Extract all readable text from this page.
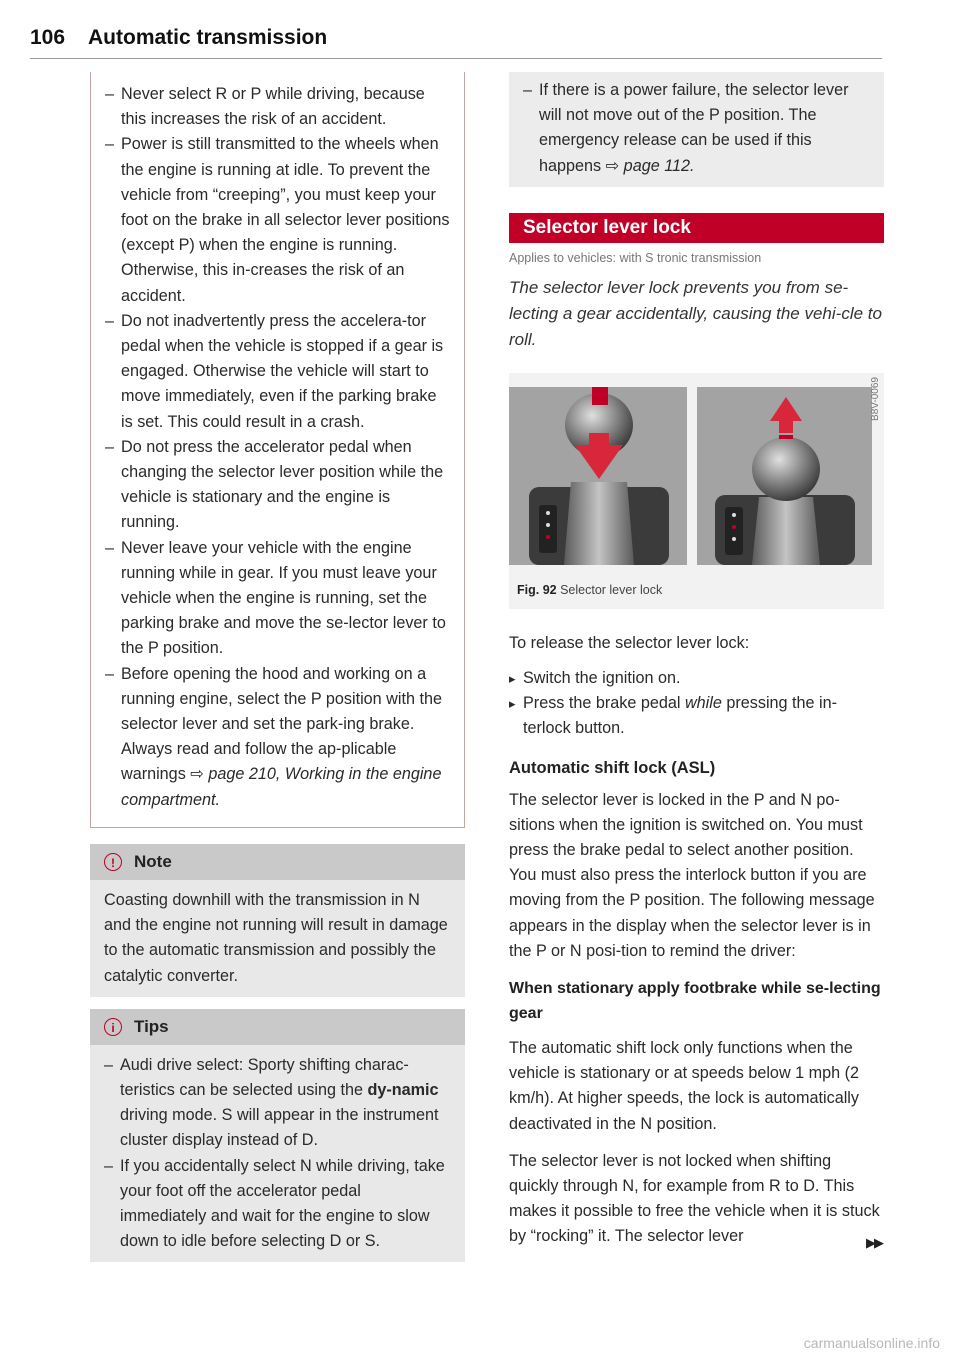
106 Automatic transmission
– Never select R or P while driving, because this increases the risk of an accident.
– Power is still transmitted to the wheels when the engine is running at idle. To prevent the vehicle from “creeping”, you must keep your foot on the brake in all selector lever positions (except P) when the engine is running. Otherwise, this in-creases the risk of an accident.
– Do not inadvertently press the accelera-tor pedal when the vehicle is stopped if a gear is engaged. Otherwise the vehicle will start to move immediately, even if the parking brake is set. This could result in a crash.
– Do not press the accelerator pedal when changing the selector lever position while the vehicle is stationary and the engine is running.
– Never leave your vehicle with the engine running while in gear. If you must leave your vehicle when the engine is running, set the parking brake and move the se-lector lever to the P position.
– Before opening the hood and working on a running engine, select the P position with the selector lever and set the park-ing brake. Always read and follow the ap-plicable warnings ⇨ page 210, Working in the engine compartment.
!	Note
Coasting downhill with the transmission in N and the engine not running will result in damage to the automatic transmission and possibly the catalytic converter.
i	Tips
– Audi drive select: Sporty shifting charac-teristics can be selected using the dy-namic driving mode. S will appear in the instrument cluster display instead of D.
– If you accidentally select N while driving, take your foot off the accelerator pedal immediately and wait for the engine to slow down to idle before selecting D or S.
– If there is a power failure, the selector lever will not move out of the P position. The emergency release can be used if this happens ⇨ page 112.
Selector lever lock
Applies to vehicles: with S tronic transmission
The selector lever lock prevents you from se-lecting a gear accidentally, causing the vehi-cle to roll.
B8V-0069
Fig. 92 Selector lever lock

To release the selector lever lock:

▸ Switch the ignition on.
▸ Press the brake pedal while pressing the in-terlock button.
Automatic shift lock (ASL)

The selector lever is locked in the P and N po-sitions when the ignition is switched on. You must press the brake pedal to select another position. You must also press the interlock button if you are moving from the P position. The following message appears in the display when the selector lever is in the P or N posi-tion to remind the driver:

When stationary apply footbrake while se-lecting gear

The automatic shift lock only functions when the vehicle is stationary or at speeds below 1 mph (2 km/h). At higher speeds, the lock is automatically deactivated in the N position.

The selector lever is not locked when shifting quickly through N, for example from R to D. This makes it possible to free the vehicle when it is stuck by “rocking” it. The selector lever	▶▶
carmanualsonline.info
